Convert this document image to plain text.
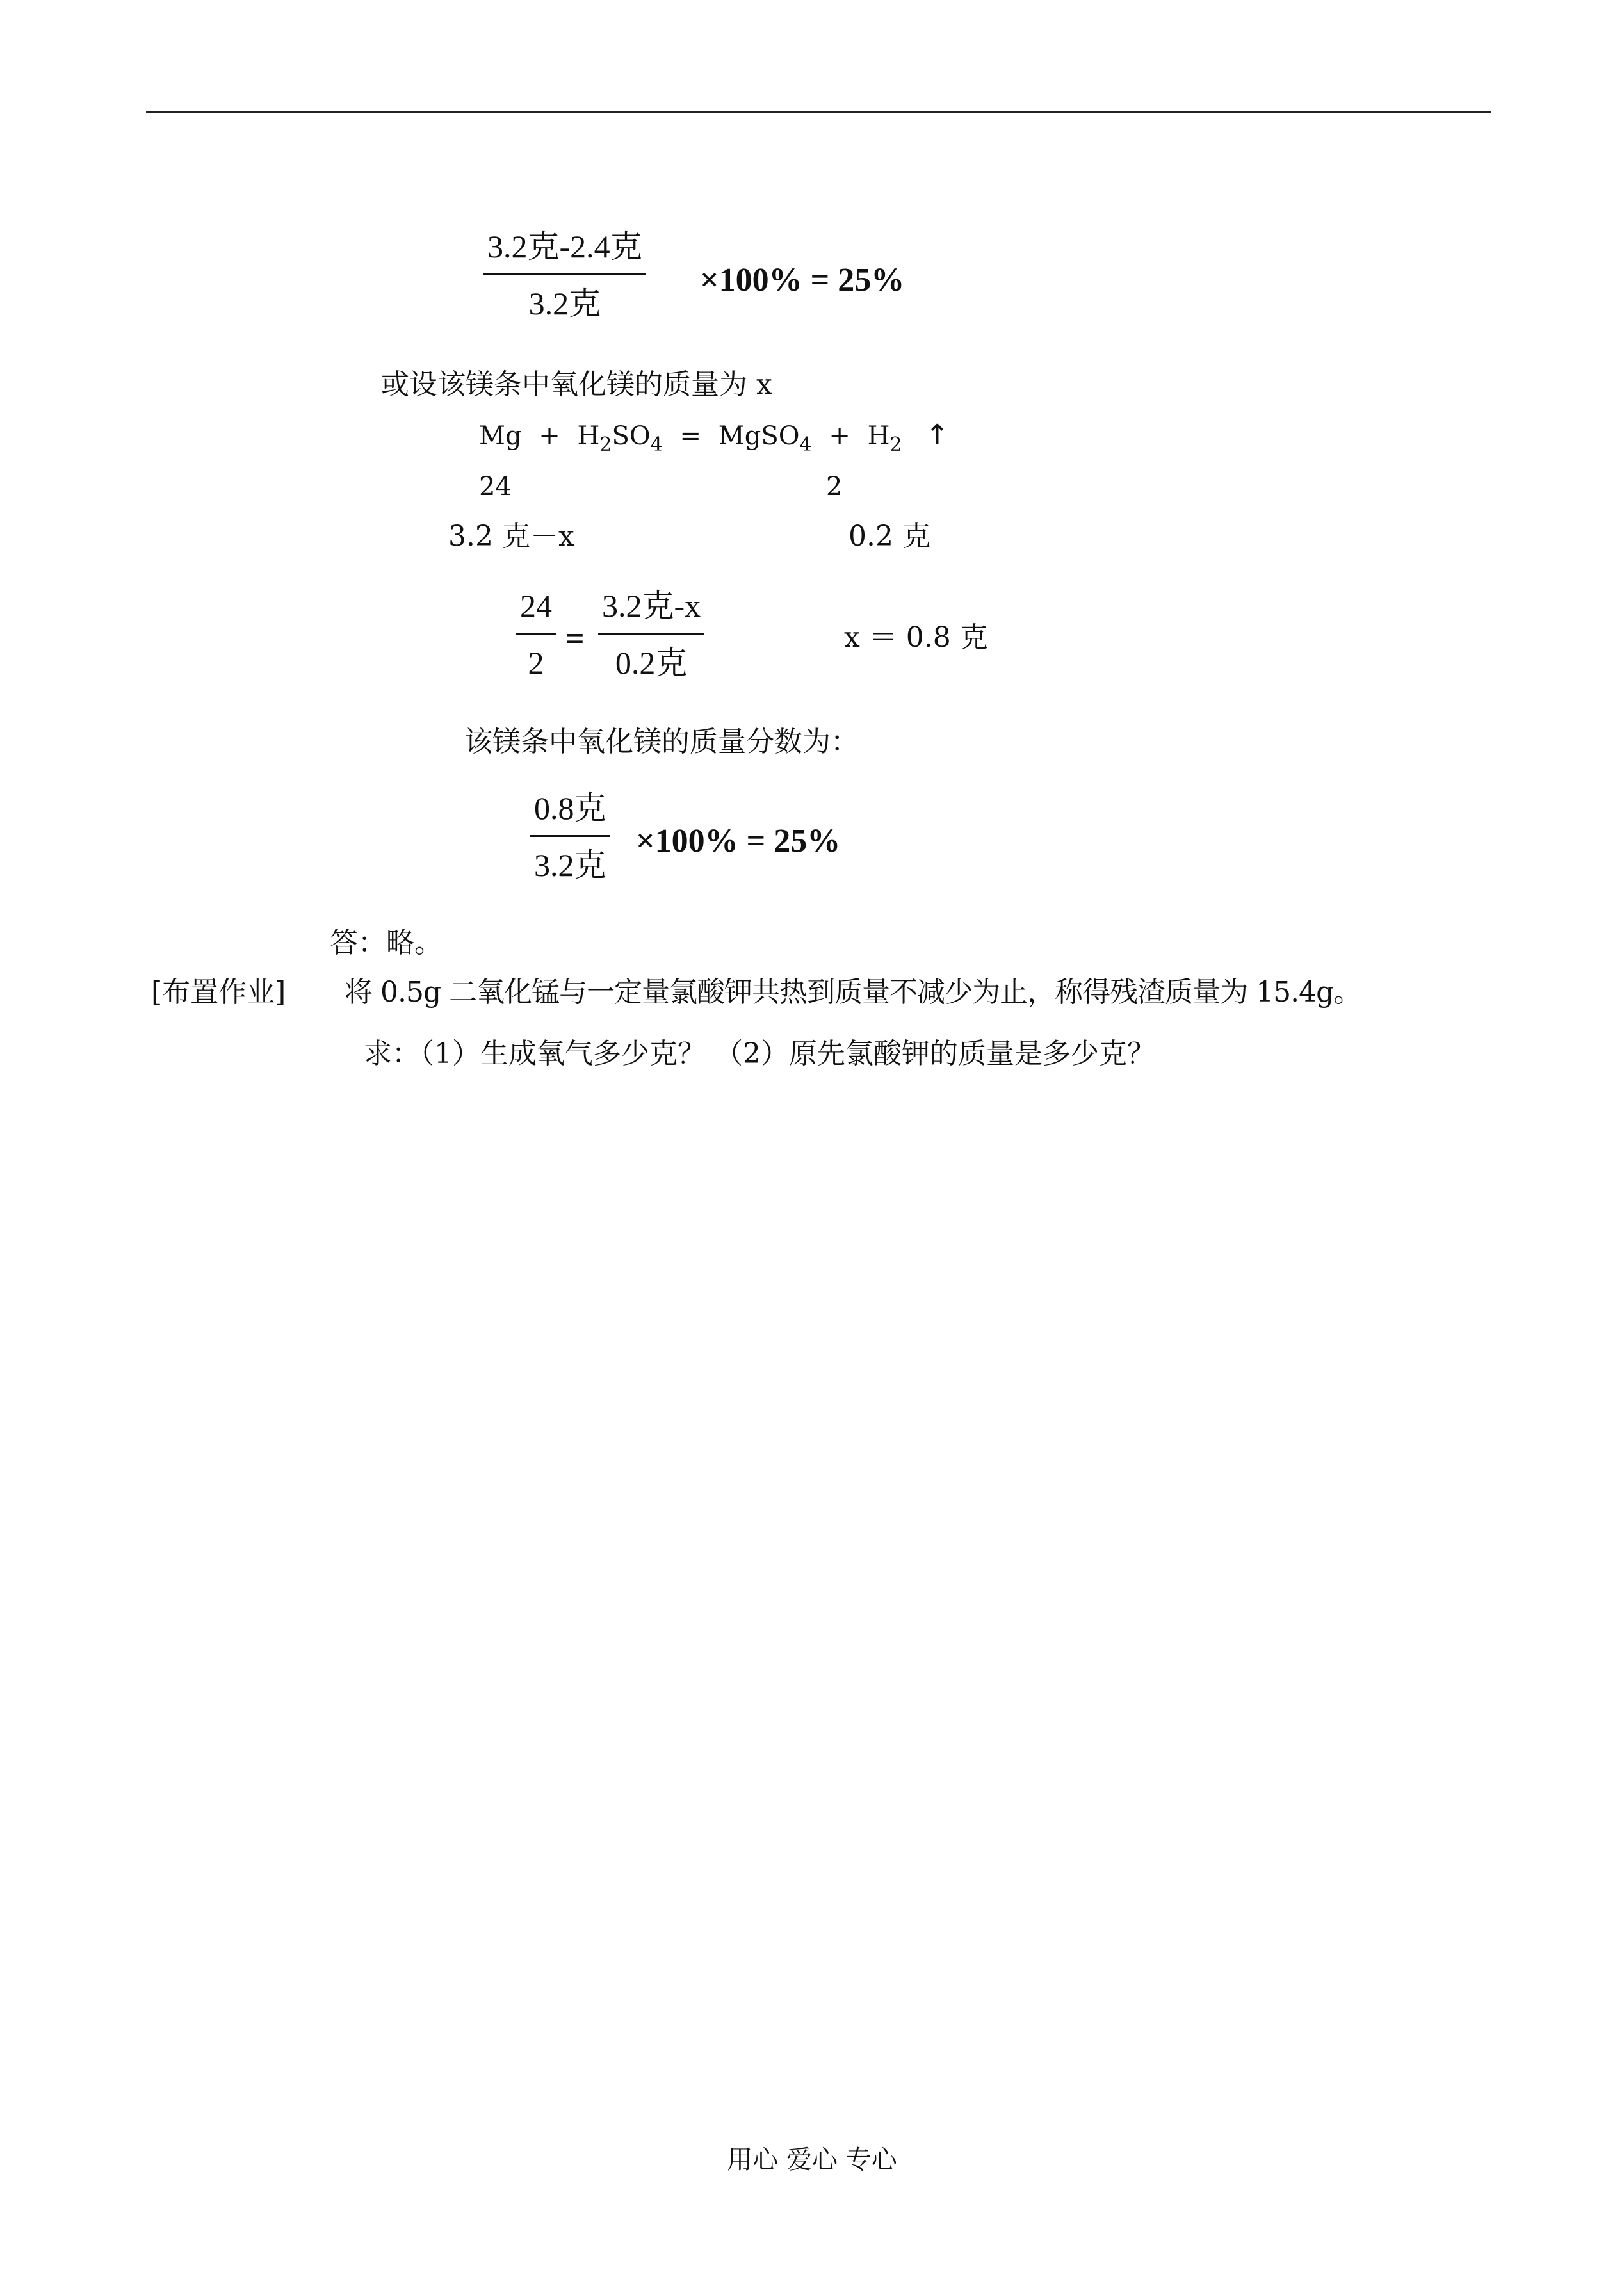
3.2克-2.4克
3.2克
×100% = 25%
或设该镁条中氧化镁的质量为 x
$Mg + H_2SO_4$ = MgSO$_4$ + $H_2$ ↑
24	2
3.2 克－x	0.2 克
24
2
=
3.2克-x
0.2克
x ＝ 0.8 克
该镁条中氧化镁的质量分数为：
0.8克
3.2克
×100% = 25%
答：略。
[布置作业] 将 0.5g 二氧化锰与一定量氯酸钾共热到质量不减少为止，称得残渣质量为 15.4g。
求：（1）生成氧气多少克？ （2）原先氯酸钾的质量是多少克？
用心 爱心 专心
